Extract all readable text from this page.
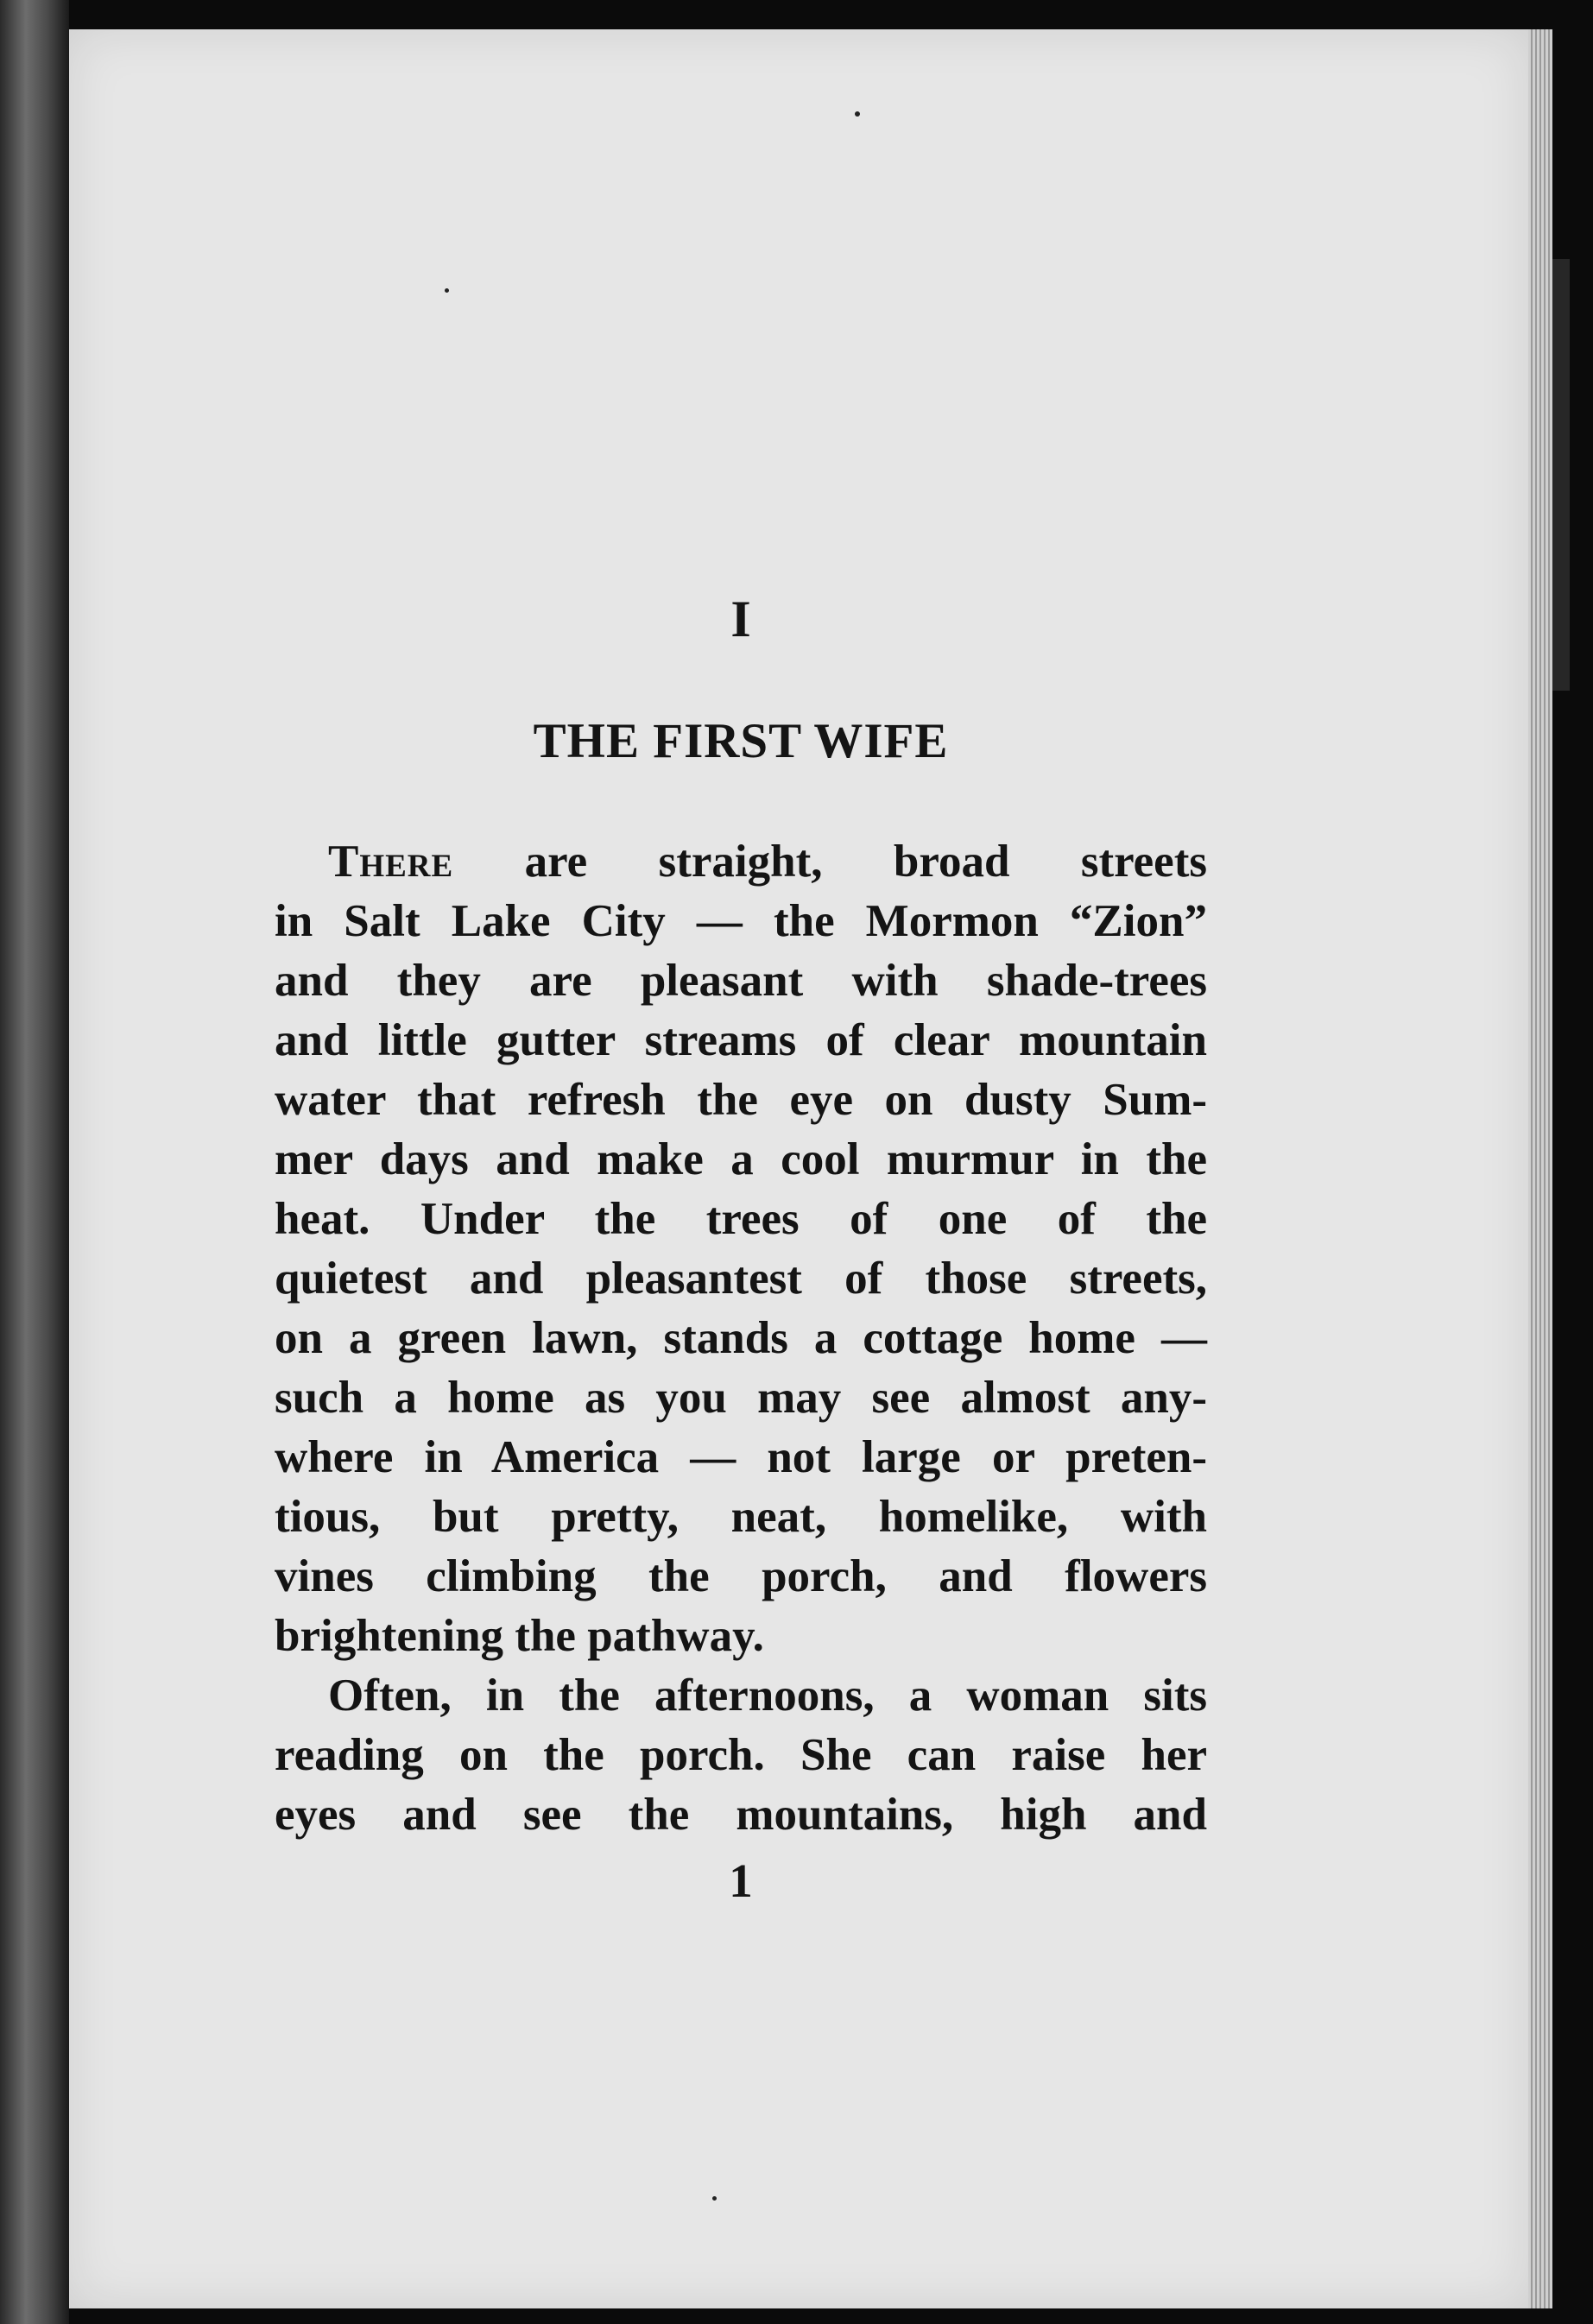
I
THE FIRST WIFE
There are straight, broad streets
in Salt Lake City — the Mormon “Zion”
and they are pleasant with shade-trees
and little gutter streams of clear mountain
water that refresh the eye on dusty Sum-
mer days and make a cool murmur in the
heat. Under the trees of one of the
quietest and pleasantest of those streets,
on a green lawn, stands a cottage home —
such a home as you may see almost any-
where in America — not large or preten-
tious, but pretty, neat, homelike, with
vines climbing the porch, and flowers
brightening the pathway.
Often, in the afternoons, a woman sits
reading on the porch. She can raise her
eyes and see the mountains, high and
1
